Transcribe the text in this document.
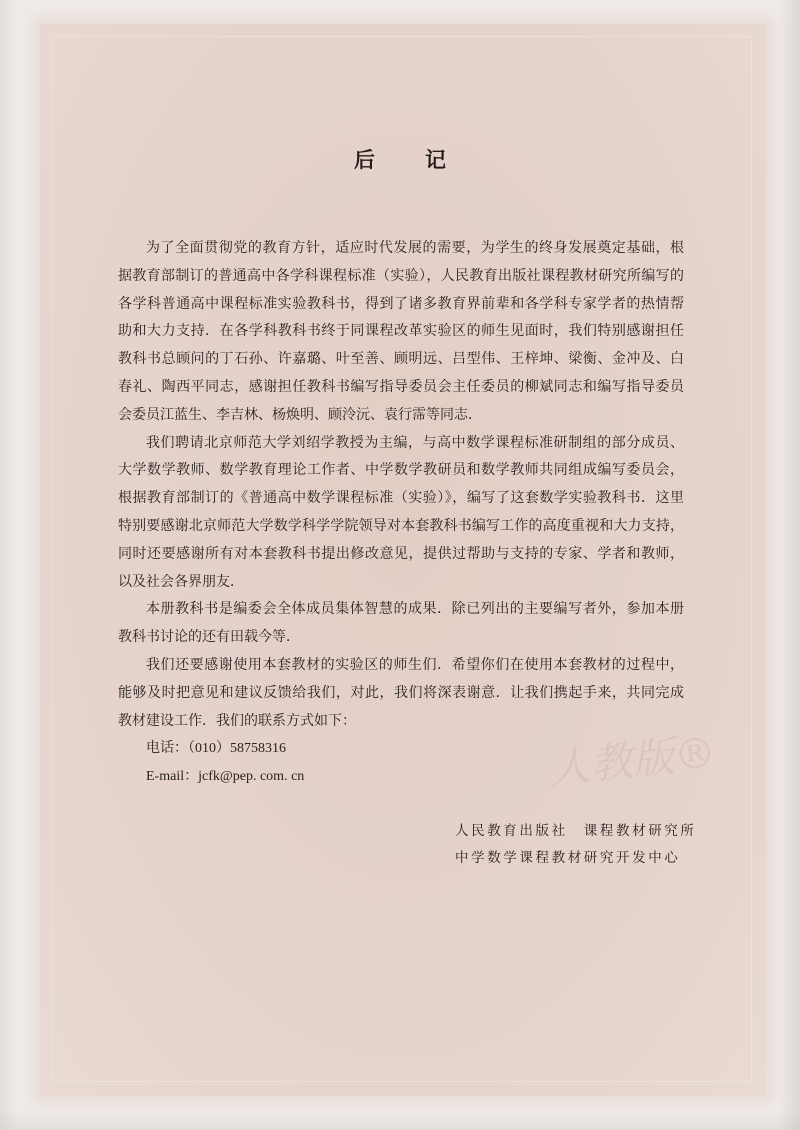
后记
为了全面贯彻党的教育方针，适应时代发展的需要，为学生的终身发展奠定基础，根
据教育部制订的普通高中各学科课程标准（实验），人民教育出版社课程教材研究所编写的
各学科普通高中课程标准实验教科书，得到了诸多教育界前辈和各学科专家学者的热情帮
助和大力支持．在各学科教科书终于同课程改革实验区的师生见面时，我们特别感谢担任
教科书总顾问的丁石孙、许嘉璐、叶至善、顾明远、吕型伟、王梓坤、梁衡、金冲及、白
春礼、陶西平同志，感谢担任教科书编写指导委员会主任委员的柳斌同志和编写指导委员
会委员江蓝生、李吉林、杨焕明、顾泠沅、袁行霈等同志．
我们聘请北京师范大学刘绍学教授为主编，与高中数学课程标准研制组的部分成员、
大学数学教师、数学教育理论工作者、中学数学教研员和数学教师共同组成编写委员会，
根据教育部制订的《普通高中数学课程标准（实验）》，编写了这套数学实验教科书．这里
特别要感谢北京师范大学数学科学学院领导对本套教科书编写工作的高度重视和大力支持，
同时还要感谢所有对本套教科书提出修改意见，提供过帮助与支持的专家、学者和教师，
以及社会各界朋友．
本册教科书是编委会全体成员集体智慧的成果．除已列出的主要编写者外，参加本册
教科书讨论的还有田载今等．
我们还要感谢使用本套教材的实验区的师生们．希望你们在使用本套教材的过程中，
能够及时把意见和建议反馈给我们，对此，我们将深表谢意．让我们携起手来，共同完成
教材建设工作．我们的联系方式如下：
电话：（010）58758316
E-mail：jcfk@pep. com. cn	人教版®
人民教育出版社　课程教材研究所
中学数学课程教材研究开发中心
